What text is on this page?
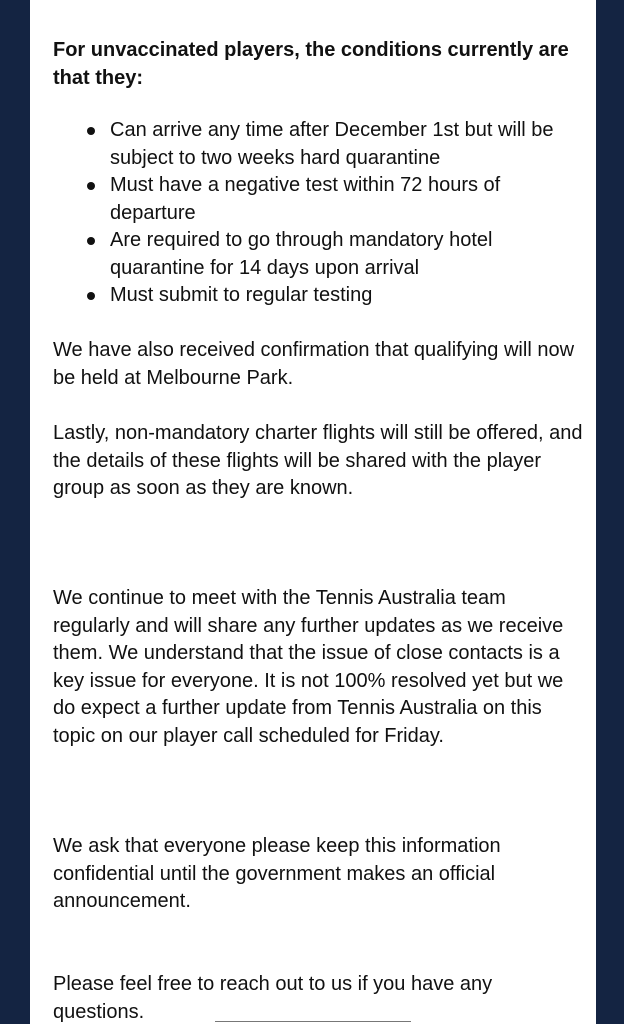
For unvaccinated players, the conditions currently are that they:

Can arrive any time after December 1st but will be subject to two weeks hard quarantine
Must have a negative test within 72 hours of departure
Are required to go through mandatory hotel quarantine for 14 days upon arrival
Must submit to regular testing

We have also received confirmation that qualifying will now be held at Melbourne Park.

Lastly, non-mandatory charter flights will still be offered, and the details of these flights will be shared with the player group as soon as they are known.

We continue to meet with the Tennis Australia team regularly and will share any further updates as we receive them. We understand that the issue of close contacts is a key issue for everyone. It is not 100% resolved yet but we do expect a further update from Tennis Australia on this topic on our player call scheduled for Friday.

We ask that everyone please keep this information confidential until the government makes an official announcement.

Please feel free to reach out to us if you have any questions.
